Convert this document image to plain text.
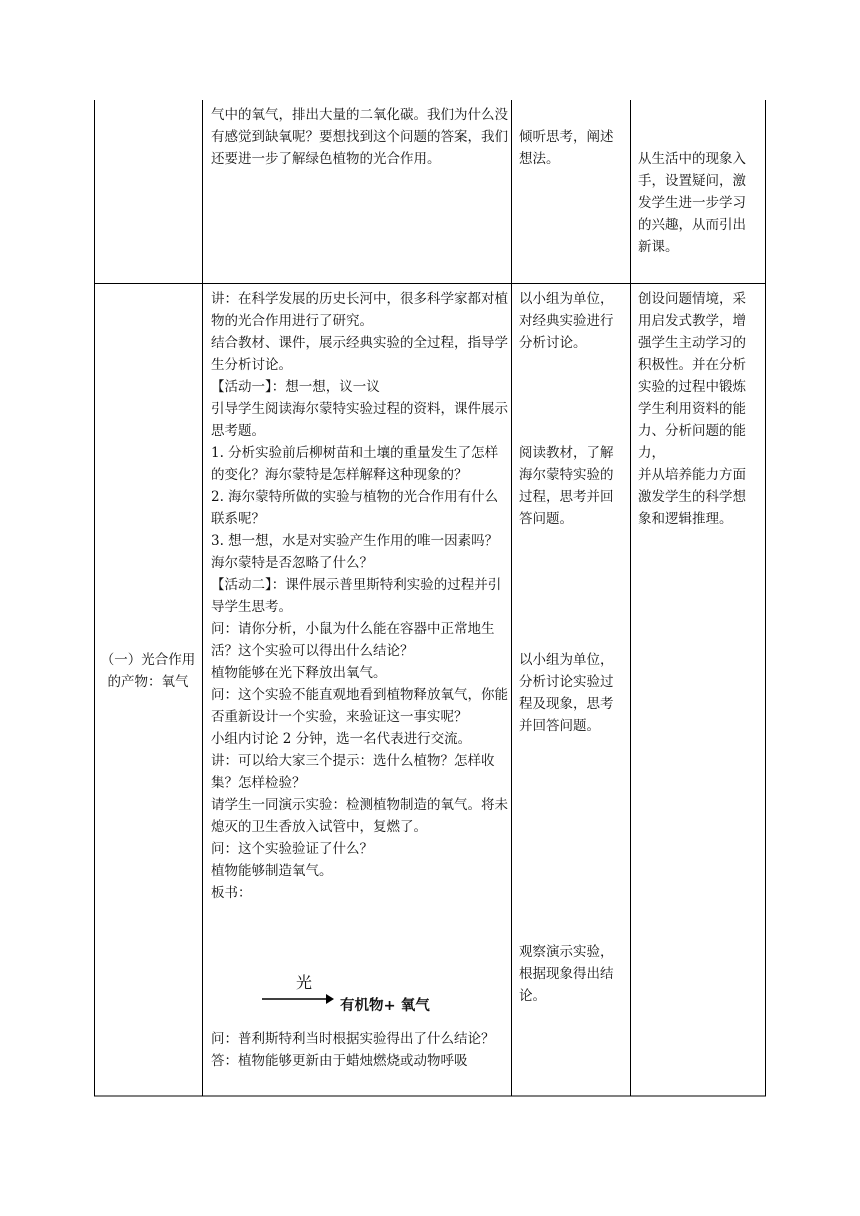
气中的氧气，排出大量的二氧化碳。我们为什么没有感觉到缺氧呢？要想找到这个问题的答案，我们还要进一步了解绿色植物的光合作用。
倾听思考，阐述想法。	从生活中的现象入手，设置疑问，激发学生进一步学习的兴趣，从而引出新课。
（一）光合作用的产物：氧气
讲：在科学发展的历史长河中，很多科学家都对植物的光合作用进行了研究。
结合教材、课件，展示经典实验的全过程，指导学生分析讨论。
【活动一】：想一想，议一议
引导学生阅读海尔蒙特实验过程的资料，课件展示思考题。
1. 分析实验前后柳树苗和土壤的重量发生了怎样的变化？海尔蒙特是怎样解释这种现象的？
2. 海尔蒙特所做的实验与植物的光合作用有什么联系呢？
3. 想一想，水是对实验产生作用的唯一因素吗？海尔蒙特是否忽略了什么？
【活动二】：课件展示普里斯特利实验的过程并引导学生思考。
问：请你分析，小鼠为什么能在容器中正常地生活？这个实验可以得出什么结论？
植物能够在光下释放出氧气。
问：这个实验不能直观地看到植物释放氧气，你能否重新设计一个实验，来验证这一事实呢？
小组内讨论 2 分钟，选一名代表进行交流。
讲：可以给大家三个提示：选什么植物？怎样收集？怎样检验？
请学生一同演示实验：检测植物制造的氧气。将未熄灭的卫生香放入试管中，复燃了。
问：这个实验验证了什么？
植物能够制造氧气。
板书：
光
有机物+ 氧气
问：普利斯特利当时根据实验得出了什么结论？
答：植物能够更新由于蜡烛燃烧或动物呼吸
以小组为单位，对经典实验进行分析讨论。
阅读教材，了解海尔蒙特实验的过程，思考并回答问题。
以小组为单位，分析讨论实验过程及现象，思考并回答问题。
观察演示实验，根据现象得出结论。
创设问题情境，采用启发式教学，增强学生主动学习的积极性。并在分析实验的过程中锻炼学生利用资料的能力、分析问题的能力，
并从培养能力方面激发学生的科学想象和逻辑推理。
